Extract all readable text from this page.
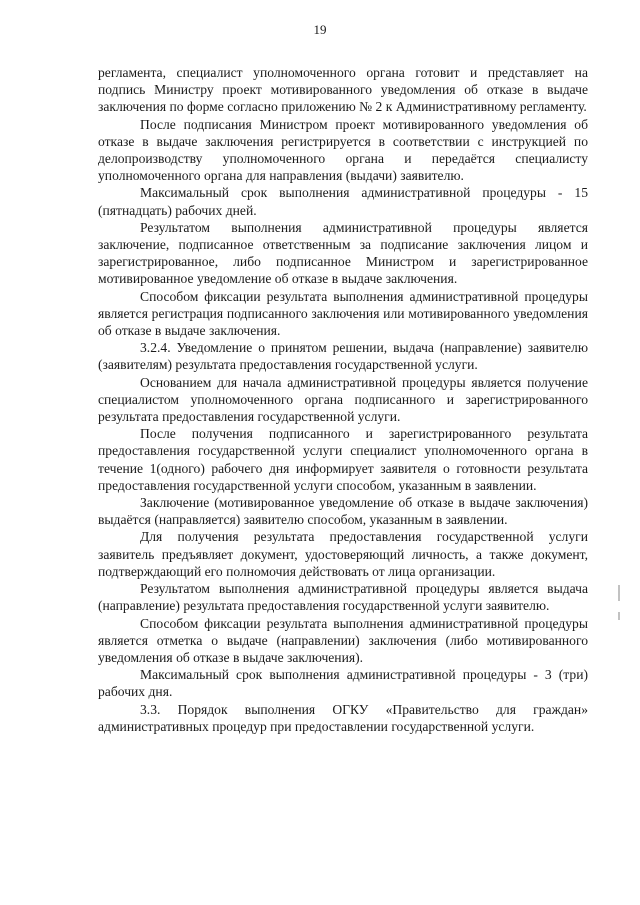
19

регламента, специалист уполномоченного органа готовит и представляет на подпись Министру проект мотивированного уведомления об отказе в выдаче заключения по форме согласно приложению № 2 к Административному регламенту.

После подписания Министром проект мотивированного уведомления об отказе в выдаче заключения регистрируется в соответствии с инструкцией по делопроизводству уполномоченного органа и передаётся специалисту уполномоченного органа для направления (выдачи) заявителю.

Максимальный срок выполнения административной процедуры - 15 (пятнадцать) рабочих дней.

Результатом выполнения административной процедуры является заключение, подписанное ответственным за подписание заключения лицом и зарегистрированное, либо подписанное Министром и зарегистрированное мотивированное уведомление об отказе в выдаче заключения.

Способом фиксации результата выполнения административной процедуры является регистрация подписанного заключения или мотивированного уведомления об отказе в выдаче заключения.

3.2.4. Уведомление о принятом решении, выдача (направление) заявителю (заявителям) результата предоставления государственной услуги.

Основанием для начала административной процедуры является получение специалистом уполномоченного органа подписанного и зарегистрированного результата предоставления государственной услуги.

После получения подписанного и зарегистрированного результата предоставления государственной услуги специалист уполномоченного органа в течение 1(одного) рабочего дня информирует заявителя о готовности результата предоставления государственной услуги способом, указанным в заявлении.

Заключение (мотивированное уведомление об отказе в выдаче заключения) выдаётся (направляется) заявителю способом, указанным в заявлении.

Для получения результата предоставления государственной услуги заявитель предъявляет документ, удостоверяющий личность, а также документ, подтверждающий его полномочия действовать от лица организации.

Результатом выполнения административной процедуры является выдача (направление) результата предоставления государственной услуги заявителю.

Способом фиксации результата выполнения административной процедуры является отметка о выдаче (направлении) заключения (либо мотивированного уведомления об отказе в выдаче заключения).

Максимальный срок выполнения административной процедуры - 3 (три) рабочих дня.

3.3. Порядок выполнения ОГКУ «Правительство для граждан» административных процедур при предоставлении государственной услуги.
